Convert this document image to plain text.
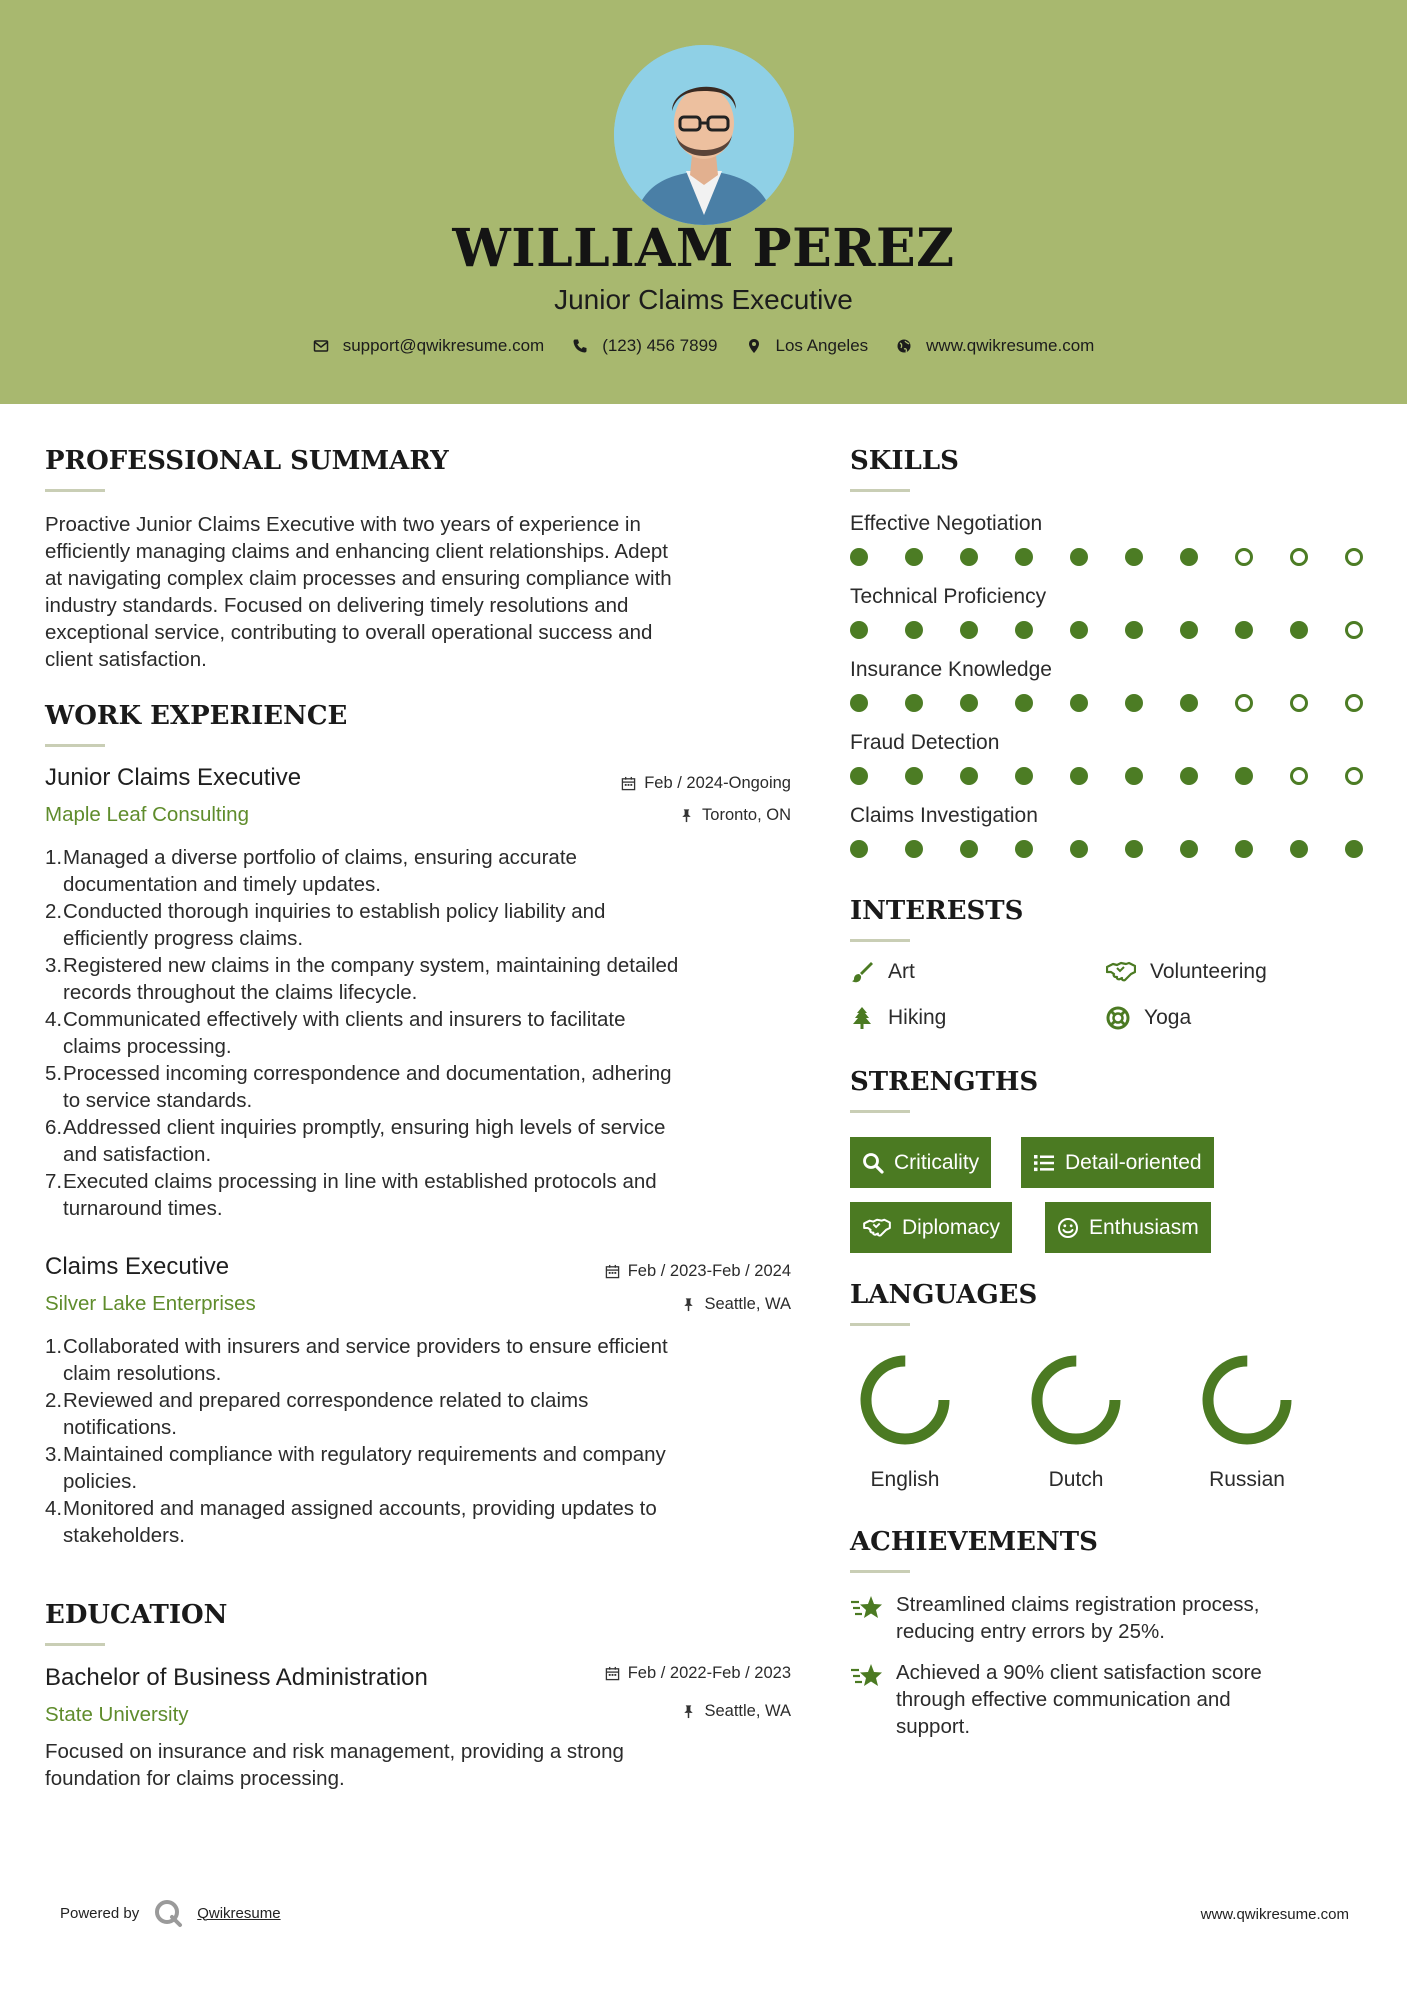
WILLIAM PEREZ
Junior Claims Executive
support@qwikresume.com	(123) 456 7899	Los Angeles	www.qwikresume.com
PROFESSIONAL SUMMARY
Proactive Junior Claims Executive with two years of experience in
efficiently managing claims and enhancing client relationships. Adept
at navigating complex claim processes and ensuring compliance with
industry standards. Focused on delivering timely resolutions and
exceptional service, contributing to overall operational success and
client satisfaction.
WORK EXPERIENCE
Junior Claims Executive	Feb / 2024-Ongoing
Maple Leaf Consulting	Toronto, ON
1. Managed a diverse portfolio of claims, ensuring accurate
documentation and timely updates.
2. Conducted thorough inquiries to establish policy liability and
efficiently progress claims.
3. Registered new claims in the company system, maintaining detailed
records throughout the claims lifecycle.
4. Communicated effectively with clients and insurers to facilitate
claims processing.
5. Processed incoming correspondence and documentation, adhering
to service standards.
6. Addressed client inquiries promptly, ensuring high levels of service
and satisfaction.
7. Executed claims processing in line with established protocols and
turnaround times.
Claims Executive	Feb / 2023-Feb / 2024
Silver Lake Enterprises	Seattle, WA
1. Collaborated with insurers and service providers to ensure efficient
claim resolutions.
2. Reviewed and prepared correspondence related to claims
notifications.
3. Maintained compliance with regulatory requirements and company
policies.
4. Monitored and managed assigned accounts, providing updates to
stakeholders.
EDUCATION
Bachelor of Business Administration	Feb / 2022-Feb / 2023
State University	Seattle, WA
Focused on insurance and risk management, providing a strong
foundation for claims processing.
SKILLS
Effective Negotiation
Technical Proficiency
Insurance Knowledge
Fraud Detection
Claims Investigation
INTERESTS
Art	Volunteering
Hiking	Yoga
STRENGTHS
Criticality	Detail-oriented
Diplomacy	Enthusiasm
LANGUAGES
English	Dutch	Russian
ACHIEVEMENTS
Streamlined claims registration process,
reducing entry errors by 25%.
Achieved a 90% client satisfaction score
through effective communication and
support.
Powered by	Qwikresume	www.qwikresume.com
